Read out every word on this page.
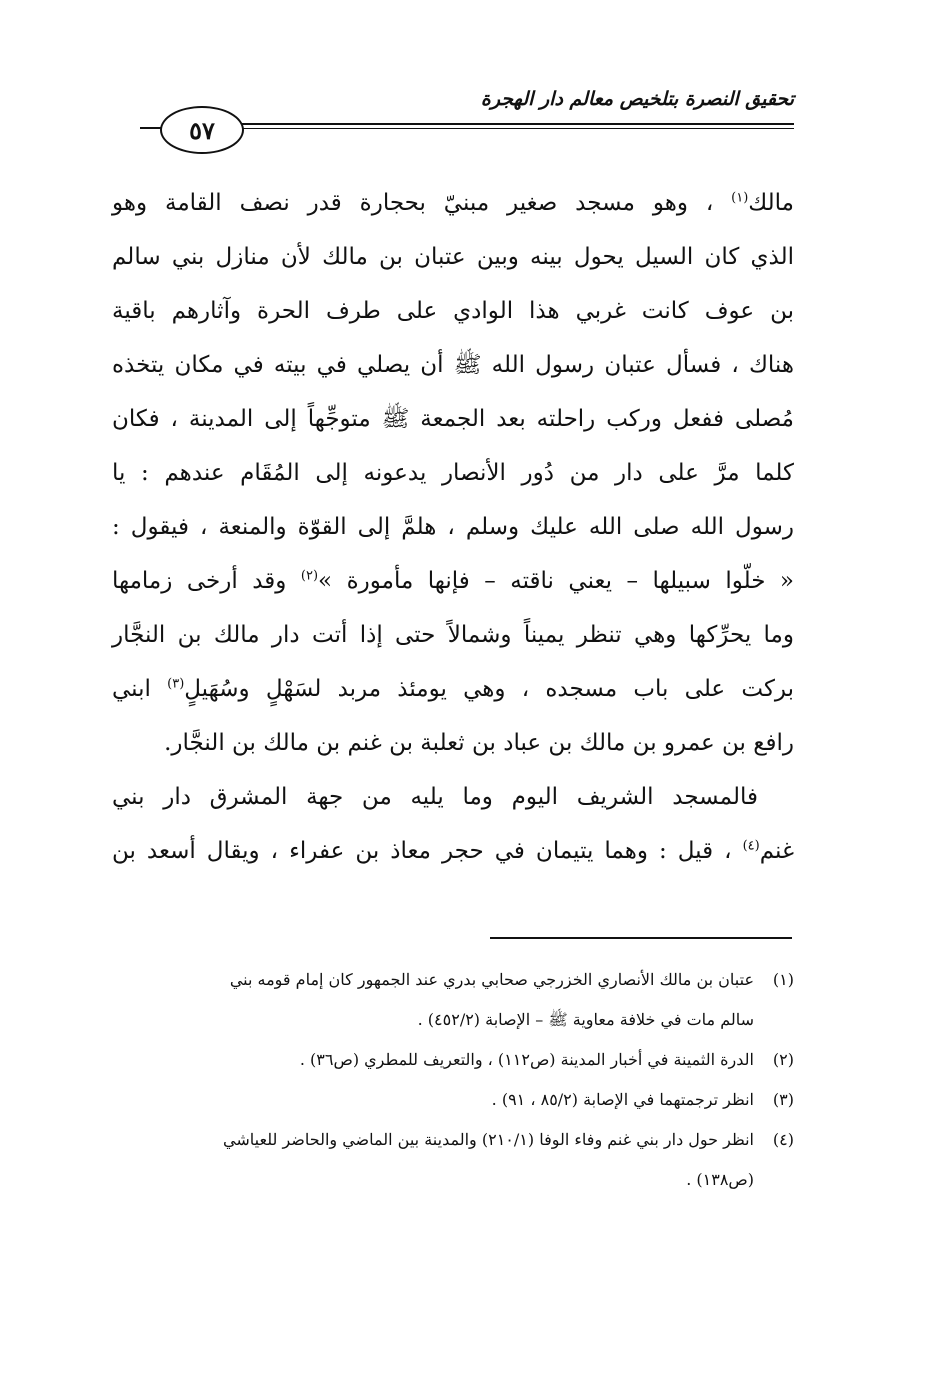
تحقيق النصرة بتلخيص معالم دار الهجرة
٥٧
مالك$^{(١)}$ ، وهو مسجد صغير مبنيّ بحجارة قدر نصف القامة وهو
الذي كان السيل يحول بينه وبين عتبان بن مالك لأن منازل بني سالم
بن عوف كانت غربي هذا الوادي على طرف الحرة وآثارهم باقية
هناك ، فسأل عتبان رسول الله ﷺ أن يصلي في بيته في مكان يتخذه
مُصلى ففعل وركب راحلته بعد الجمعة ﷺ متوجِّهاً إلى المدينة ، فكان
كلما مرَّ على دار من دُور الأنصار يدعونه إلى المُقَام عندهم : يا
رسول الله صلى الله عليك وسلم ، هلمَّ إلى القوّة والمنعة ، فيقول :
« خلّوا سبيلها – يعني ناقته – فإنها مأمورة »$^{(٢)}$ وقد أرخى زمامها
وما يحرِّكها وهي تنظر يميناً وشمالاً حتى إذا أتت دار مالك بن النجَّار
بركت على باب مسجده ، وهي يومئذ مربد لسَهْلٍ وسُهَيلٍ$^{(٣)}$ ابني
رافع بن عمرو بن مالك بن عباد بن ثعلبة بن غنم بن مالك بن النجَّار.
فالمسجد الشريف اليوم وما يليه من جهة المشرق دار بني
غنم$^{(٤)}$ ، قيل : وهما يتيمان في حجر معاذ بن عفراء ، ويقال أسعد بن
(١)عتبان بن مالك الأنصاري الخزرجي صحابي بدري عند الجمهور كان إمام قومه بني
سالم مات في خلافة معاوية ﷺ – الإصابة (٤٥٢/٢) .
(٢)الدرة الثمينة في أخبار المدينة (ص١١٢) ، والتعريف للمطري (ص٣٦) .
(٣)انظر ترجمتهما في الإصابة (٨٥/٢ ، ٩١) .
(٤)انظر حول دار بني غنم وفاء الوفا (٢١٠/١) والمدينة بين الماضي والحاضر للعياشي
(ص١٣٨) .
